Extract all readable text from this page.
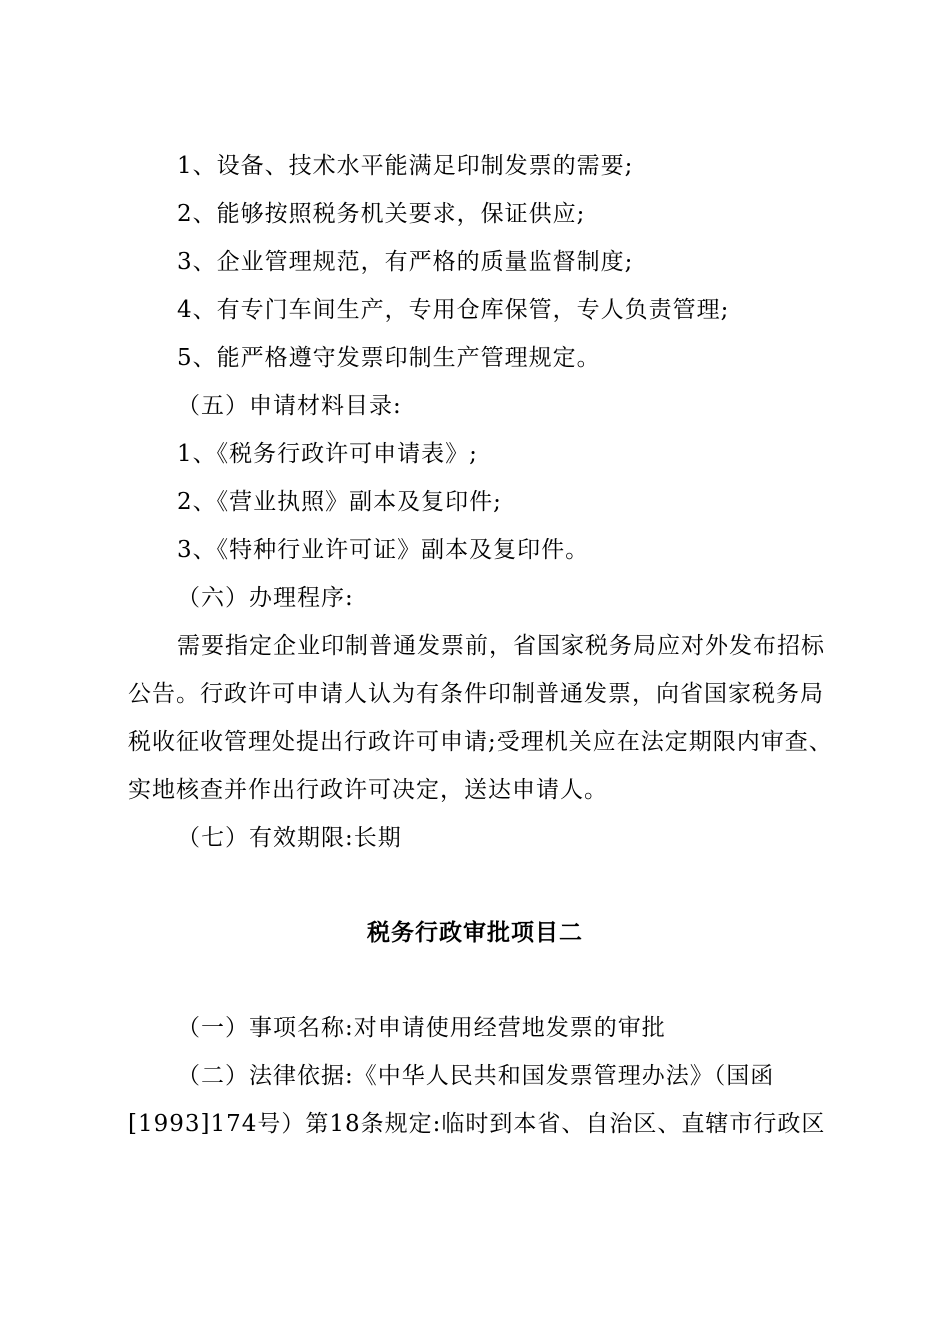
1、设备、技术水平能满足印制发票的需要;
2、能够按照税务机关要求，保证供应;
3、企业管理规范，有严格的质量监督制度;
4、有专门车间生产，专用仓库保管，专人负责管理;
5、能严格遵守发票印制生产管理规定。
（五）申请材料目录:
1、《税务行政许可申请表》;
2、《营业执照》副本及复印件;
3、《特种行业许可证》副本及复印件。
（六）办理程序:
需要指定企业印制普通发票前，省国家税务局应对外发布招标
公告。行政许可申请人认为有条件印制普通发票，向省国家税务局
税收征收管理处提出行政许可申请;受理机关应在法定期限内审查、
实地核查并作出行政许可决定，送达申请人。
（七）有效期限:长期
税务行政审批项目二
（一）事项名称:对申请使用经营地发票的审批
（二）法律依据:《中华人民共和国发票管理办法》（国函
[1993]174号）第18条规定:临时到本省、自治区、直辖市行政区
